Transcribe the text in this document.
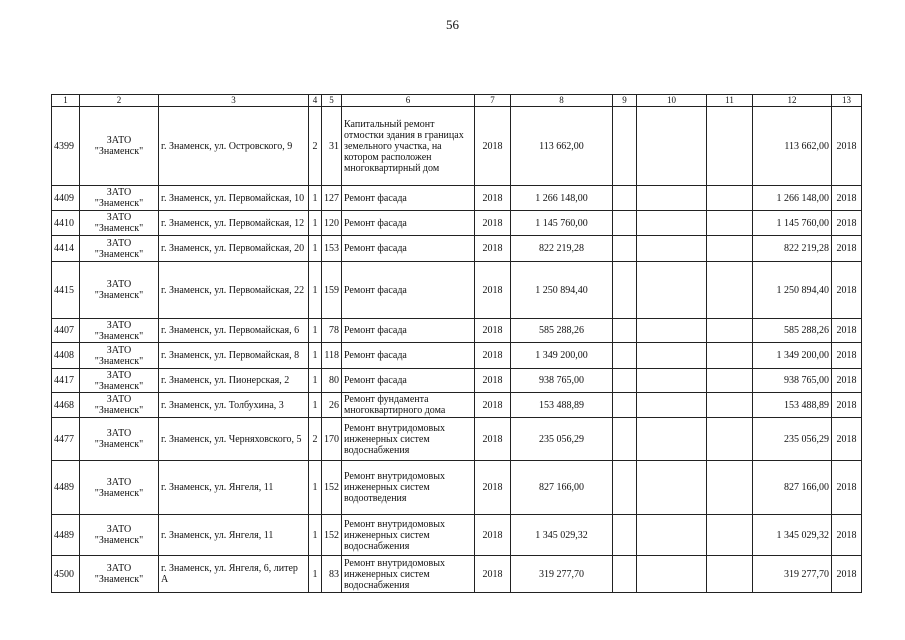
56
1	2	3	4	5	6	7	8	9	10	11	12	13
4399	ЗАТО "Знаменск"	г. Знаменск, ул. Островского, 9	2	31	Капитальный ремонт отмостки здания в границах земельного участка, на котором расположен многоквартирный дом	2018	113 662,00				113 662,00	2018
4409	ЗАТО "Знаменск"	г. Знаменск, ул. Первомайская, 10	1	127	Ремонт фасада	2018	1 266 148,00				1 266 148,00	2018
4410	ЗАТО "Знаменск"	г. Знаменск, ул. Первомайская, 12	1	120	Ремонт фасада	2018	1 145 760,00				1 145 760,00	2018
4414	ЗАТО "Знаменск"	г. Знаменск, ул. Первомайская, 20	1	153	Ремонт фасада	2018	822 219,28				822 219,28	2018
4415	ЗАТО "Знаменск"	г. Знаменск, ул. Первомайская, 22	1	159	Ремонт фасада	2018	1 250 894,40				1 250 894,40	2018
4407	ЗАТО "Знаменск"	г. Знаменск, ул. Первомайская, 6	1	78	Ремонт фасада	2018	585 288,26				585 288,26	2018
4408	ЗАТО "Знаменск"	г. Знаменск, ул. Первомайская, 8	1	118	Ремонт фасада	2018	1 349 200,00				1 349 200,00	2018
4417	ЗАТО "Знаменск"	г. Знаменск, ул. Пионерская, 2	1	80	Ремонт фасада	2018	938 765,00				938 765,00	2018
4468	ЗАТО "Знаменск"	г. Знаменск, ул. Толбухина, 3	1	26	Ремонт фундамента многоквартирного дома	2018	153 488,89				153 488,89	2018
4477	ЗАТО "Знаменск"	г. Знаменск, ул. Черняховского, 5	2	170	Ремонт внутридомовых инженерных систем водоснабжения	2018	235 056,29				235 056,29	2018
4489	ЗАТО "Знаменск"	г. Знаменск, ул. Янгеля, 11	1	152	Ремонт внутридомовых инженерных систем водоотведения	2018	827 166,00				827 166,00	2018
4489	ЗАТО "Знаменск"	г. Знаменск, ул. Янгеля, 11	1	152	Ремонт внутридомовых инженерных систем водоснабжения	2018	1 345 029,32				1 345 029,32	2018
4500	ЗАТО "Знаменск"	г. Знаменск, ул. Янгеля, 6, литер А	1	83	Ремонт внутридомовых инженерных систем водоснабжения	2018	319 277,70				319 277,70	2018
